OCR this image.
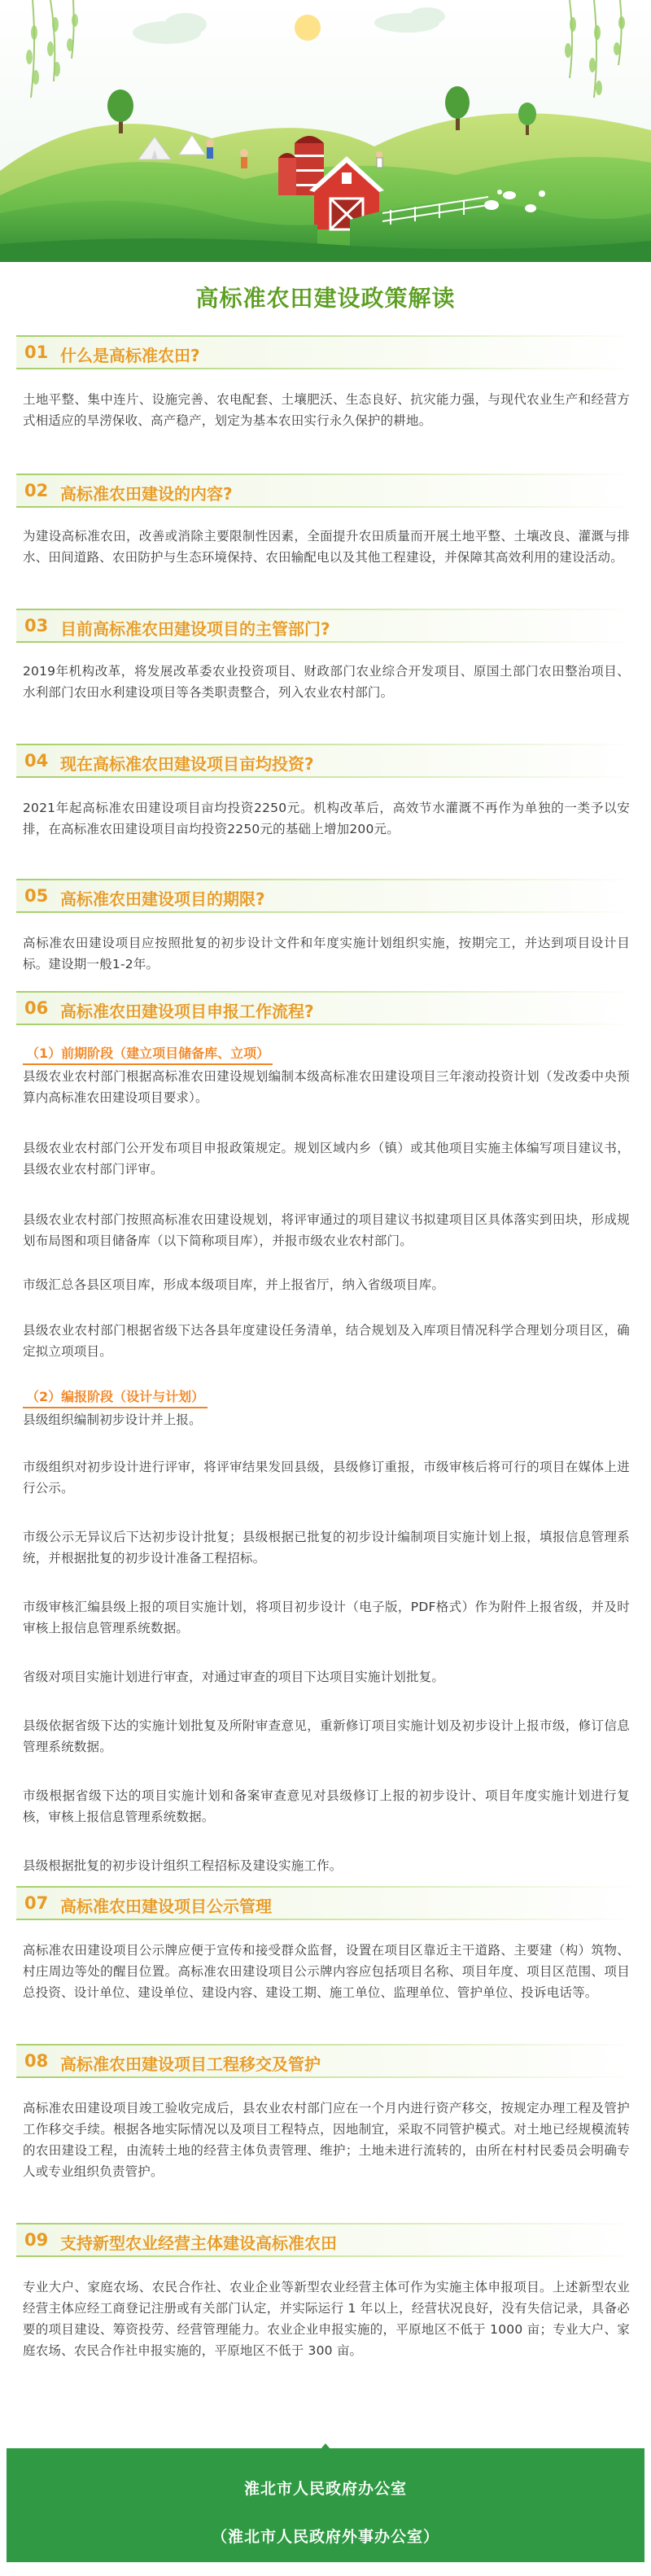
高标准农田建设政策解读
01 什么是高标准农田?
土地平整、集中连片、设施完善、农电配套、土壤肥沃、生态良好、抗灾能力强，与现代农业生产和经营方式相适应的旱涝保收、高产稳产，划定为基本农田实行永久保护的耕地。
02 高标准农田建设的内容?
为建设高标准农田，改善或消除主要限制性因素，全面提升农田质量而开展土地平整、土壤改良、灌溉与排水、田间道路、农田防护与生态环境保持、农田输配电以及其他工程建设，并保障其高效利用的建设活动。
03 目前高标准农田建设项目的主管部门?
2019年机构改革，将发展改革委农业投资项目、财政部门农业综合开发项目、原国土部门农田整治项目、水利部门农田水利建设项目等各类职责整合，列入农业农村部门。
04 现在高标准农田建设项目亩均投资?
2021年起高标准农田建设项目亩均投资2250元。机构改革后，高效节水灌溉不再作为单独的一类予以安排，在高标准农田建设项目亩均投资2250元的基础上增加200元。
05 高标准农田建设项目的期限?
高标准农田建设项目应按照批复的初步设计文件和年度实施计划组织实施，按期完工，并达到项目设计目标。建设期一般1-2年。
06 高标准农田建设项目申报工作流程?
（1）前期阶段（建立项目储备库、立项）
县级农业农村部门根据高标准农田建设规划编制本级高标准农田建设项目三年滚动投资计划（发改委中央预算内高标准农田建设项目要求）。
县级农业农村部门公开发布项目申报政策规定。规划区域内乡（镇）或其他项目实施主体编写项目建议书，县级农业农村部门评审。
县级农业农村部门按照高标准农田建设规划，将评审通过的项目建议书拟建项目区具体落实到田块，形成规划布局图和项目储备库（以下简称项目库），并报市级农业农村部门。
市级汇总各县区项目库，形成本级项目库，并上报省厅，纳入省级项目库。
县级农业农村部门根据省级下达各县年度建设任务清单，结合规划及入库项目情况科学合理划分项目区，确定拟立项项目。
（2）编报阶段（设计与计划）
县级组织编制初步设计并上报。
市级组织对初步设计进行评审，将评审结果发回县级，县级修订重报，市级审核后将可行的项目在媒体上进行公示。
市级公示无异议后下达初步设计批复；县级根据已批复的初步设计编制项目实施计划上报，填报信息管理系统，并根据批复的初步设计准备工程招标。
市级审核汇编县级上报的项目实施计划，将项目初步设计（电子版，PDF格式）作为附件上报省级，并及时审核上报信息管理系统数据。
省级对项目实施计划进行审查，对通过审查的项目下达项目实施计划批复。
县级依据省级下达的实施计划批复及所附审查意见，重新修订项目实施计划及初步设计上报市级，修订信息管理系统数据。
市级根据省级下达的项目实施计划和备案审查意见对县级修订上报的初步设计、项目年度实施计划进行复核，审核上报信息管理系统数据。
县级根据批复的初步设计组织工程招标及建设实施工作。
07 高标准农田建设项目公示管理
高标准农田建设项目公示牌应便于宣传和接受群众监督，设置在项目区靠近主干道路、主要建（构）筑物、村庄周边等处的醒目位置。高标准农田建设项目公示牌内容应包括项目名称、项目年度、项目区范围、项目总投资、设计单位、建设单位、建设内容、建设工期、施工单位、监理单位、管护单位、投诉电话等。
08 高标准农田建设项目工程移交及管护
高标准农田建设项目竣工验收完成后，县农业农村部门应在一个月内进行资产移交，按规定办理工程及管护工作移交手续。根据各地实际情况以及项目工程特点，因地制宜，采取不同管护模式。对土地已经规模流转的农田建设工程，由流转土地的经营主体负责管理、维护；土地未进行流转的，由所在村村民委员会明确专人或专业组织负责管护。
09 支持新型农业经营主体建设高标准农田
专业大户、家庭农场、农民合作社、农业企业等新型农业经营主体可作为实施主体申报项目。上述新型农业经营主体应经工商登记注册或有关部门认定，并实际运行 1 年以上，经营状况良好，没有失信记录，具备必要的项目建设、筹资投劳、经营管理能力。农业企业申报实施的，平原地区不低于 1000 亩；专业大户、家庭农场、农民合作社申报实施的，平原地区不低于 300 亩。
淮北市人民政府办公室
（淮北市人民政府外事办公室）
